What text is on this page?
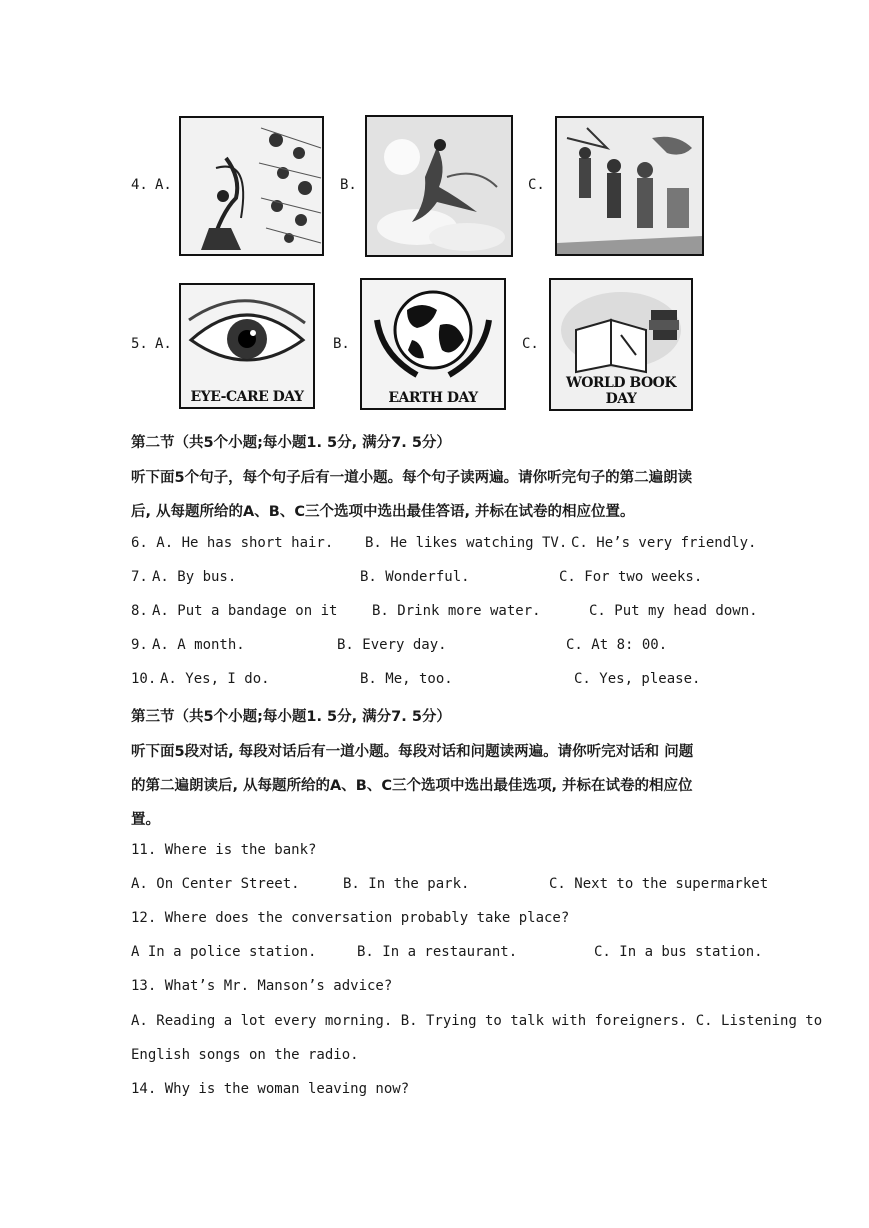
4. A.	B.	C.
5. A.
EYE-CARE DAY
B.
EARTH DAY
C.
WORLD BOOK DAY
第二节（共5个小题;每小题1. 5分, 满分7. 5分）
听下面5个句子，每个句子后有一道小题。每个句子读两遍。请你听完句子的第二遍朗读
后, 从每题所给的A、B、C三个选项中选出最佳答语, 并标在试卷的相应位置。
6. A. He has short hair. B. He likes watching TV. C. He’s very friendly.
7. A. By bus.	B. Wonderful.	C. For two weeks.
8. A. Put a bandage on it B. Drink more water.	C. Put my head down.
9. A. A month.	B. Every day.	C. At 8: 00.
10. A. Yes, I do.	B. Me, too.	C. Yes, please.
第三节（共5个小题;每小题1. 5分, 满分7. 5分）
听下面5段对话, 每段对话后有一道小题。每段对话和问题读两遍。请你听完对话和 问题
的第二遍朗读后, 从每题所给的A、B、C三个选项中选出最佳选项, 并标在试卷的相应位
置。
11. Where is the bank?
A. On Center Street.	B. In the park.	C. Next to the supermarket
12. Where does the conversation probably take place?
A In a police station.	B. In a restaurant.	C. In a bus station.
13. What’s Mr. Manson’s advice?
A. Reading a lot every morning. B. Trying to talk with foreigners. C. Listening to
English songs on the radio.
14. Why is the woman leaving now?
